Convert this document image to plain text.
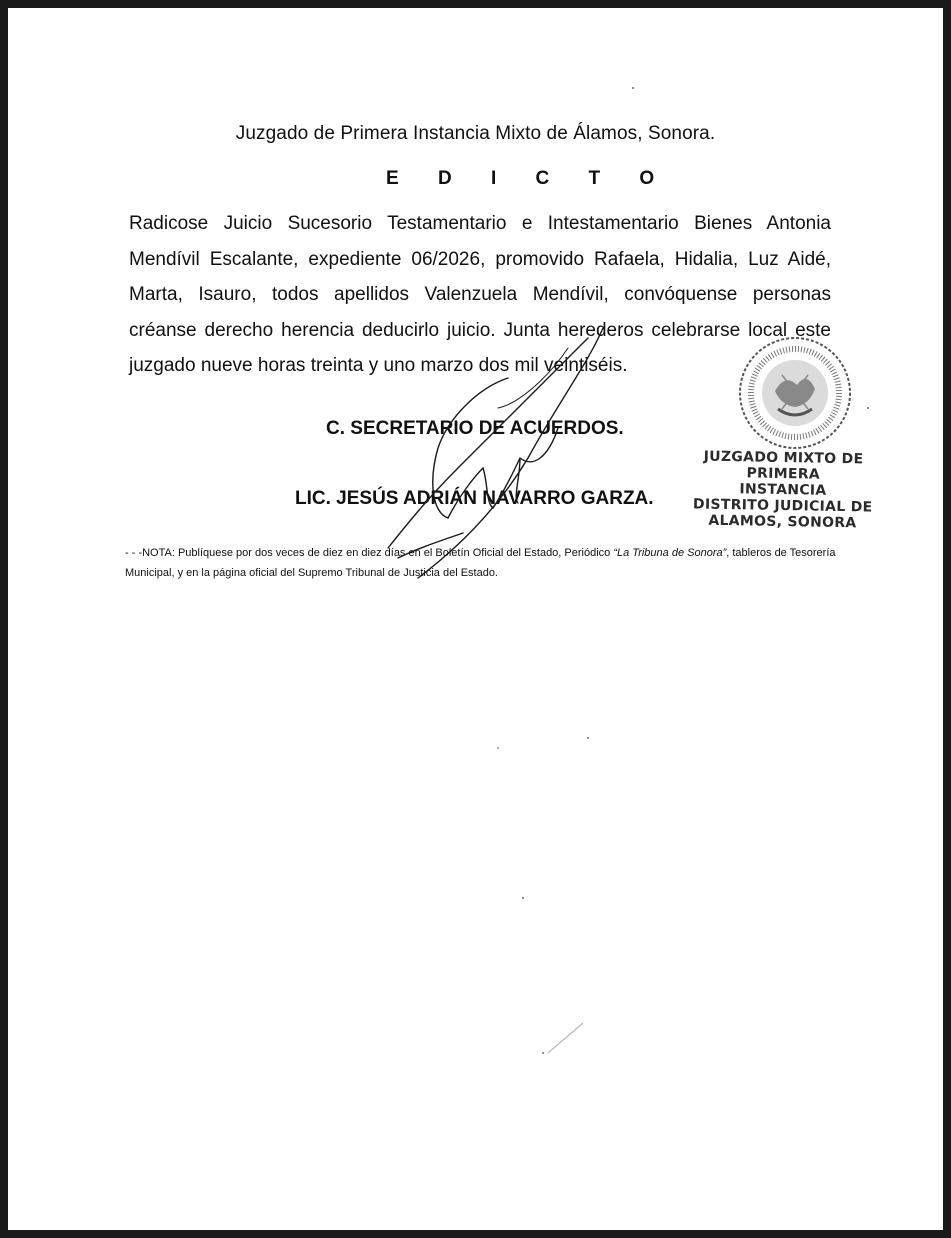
Juzgado de Primera Instancia Mixto de Álamos, Sonora.
E D I C T O
Radicose Juicio Sucesorio Testamentario e Intestamentario Bienes Antonia Mendívil Escalante, expediente 06/2026, promovido Rafaela, Hidalia, Luz Aidé, Marta, Isauro, todos apellidos Valenzuela Mendívil, convóquense personas créanse derecho herencia deducirlo juicio. Junta herederos celebrarse local este juzgado nueve horas treinta y uno marzo dos mil veintiséis.
C. SECRETARIO DE ACUERDOS.
LIC. JESÚS ADRIÁN NAVARRO GARZA.
JUZGADO MIXTO DE PRIMERA
INSTANCIA
DISTRITO JUDICIAL DE
ALAMOS, SONORA
- - -NOTA: Publíquese por dos veces de diez en diez días en el Boletín Oficial del Estado, Periódico “La Tribuna de Sonora”, tableros de Tesorería Municipal, y en la página oficial del Supremo Tribunal de Justicia del Estado.
